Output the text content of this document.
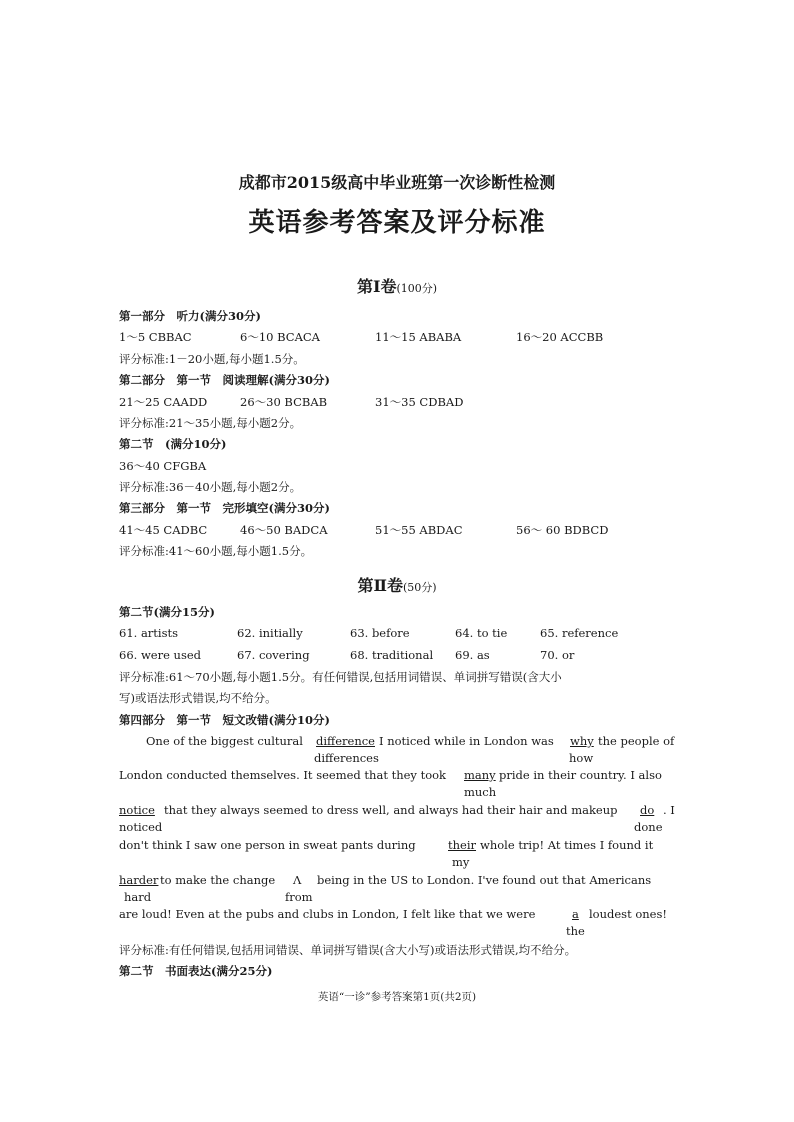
成都市2015级高中毕业班第一次诊断性检测
英语参考答案及评分标准
第Ⅰ卷(100分)
第一部分　听力(满分30分)
1～5 CBBAC	6～10 BCACA	11～15 ABABA	16～20 ACCBB
评分标准:1－20小题,每小题1.5分。
第二部分　第一节　阅读理解(满分30分)
21～25 CAADD	26～30 BCBAB	31～35 CDBAD
评分标准:21～35小题,每小题2分。
第二节　(满分10分)
36～40 CFGBA
评分标准:36－40小题,每小题2分。
第三部分　第一节　完形填空(满分30分)
41～45 CADBC	46～50 BADCA	51～55 ABDAC	56～ 60 BDBCD
评分标准:41～60小题,每小题1.5分。
第Ⅱ卷(50分)
第二节(满分15分)
61. artists	62. initially	63. before	64. to tie	65. reference
66. were used	67. covering	68. traditional 69. as	70. or
评分标准:61～70小题,每小题1.5分。有任何错误,包括用词错误、单词拼写错误(含大小
写)或语法形式错误,均不给分。
第四部分　第一节　短文改错(满分10分)
One of the biggest cultural difference I noticed while in London was why the people of
differences	how
London conducted themselves. It seemed that they took many pride in their country. I also
much
notice that they always seemed to dress well, and always had their hair and makeup do . I
noticed	done
don't think I saw one person in sweat pants during	their whole trip! At times I found it
my
harder to make the change Λ being in the US to London. I've found out that Americans
hard	from
are loud! Even at the pubs and clubs in London, I felt like that we were	a loudest ones!
the
评分标准:有任何错误,包括用词错误、单词拼写错误(含大小写)或语法形式错误,均不给分。
第二节　书面表达(满分25分)
英语“一诊”参考答案第1页(共2页)
